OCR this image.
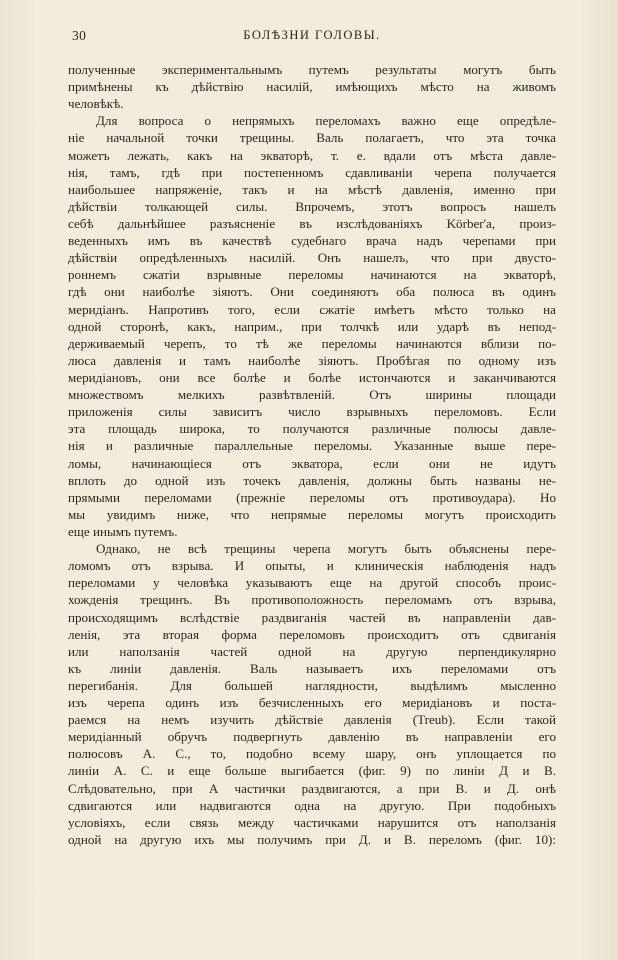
30	БОЛѢЗНИ ГОЛОВЫ.
полученные экспериментальнымъ путемъ результаты могутъ быть
примѣнены къ дѣйствію насилій, имѣющихъ мѣсто на живомъ
человѣкѣ.
Для вопроса о непрямыхъ переломахъ важно еще опредѣле-
ніе начальной точки трещины. Валь полагаетъ, что эта точка
можетъ лежать, какъ на экваторѣ, т. е. вдали отъ мѣста давле-
нія, тамъ, гдѣ при постепенномъ сдавливаніи черепа получается
наибольшее напряженіе, такъ и на мѣстѣ давленія, именно при
дѣйствіи толкающей силы. Впрочемъ, этотъ вопросъ нашелъ
себѣ дальнѣйшее разъясненіе въ изслѣдованіяхъ Körber'a, произ-
веденныхъ имъ въ качествѣ судебнаго врача надъ черепами при
дѣйствіи опредѣленныхъ насилій. Онъ нашелъ, что при двусто-
роннемъ сжатіи взрывные переломы начинаются на экваторѣ,
гдѣ они наиболѣе зіяютъ. Они соединяютъ оба полюса въ одинъ
меридіанъ. Напротивъ того, если сжатіе имѣетъ мѣсто только на
одной сторонѣ, какъ, наприм., при толчкѣ или ударѣ въ непод-
держиваемый черепъ, то тѣ же переломы начинаются вблизи по-
люса давленія и тамъ наиболѣе зіяютъ. Пробѣгая по одному изъ
меридіановъ, они все болѣе и болѣе истончаются и заканчиваются
множествомъ мелкихъ развѣтвленій. Отъ ширины площади
приложенія силы зависитъ число взрывныхъ переломовъ. Если
эта площадь широка, то получаются различные полюсы давле-
нія и различные параллельные переломы. Указанные выше пере-
ломы, начинающіеся отъ экватора, если они не идутъ
вплоть до одной изъ точекъ давленія, должны быть названы не-
прямыми переломами (прежніе переломы отъ противоудара). Но
мы увидимъ ниже, что непрямые переломы могутъ происходить
еще инымъ путемъ.
Однако, не всѣ трещины черепа могутъ быть объяснены пере-
ломомъ отъ взрыва. И опыты, и клиническія наблюденія надъ
переломами у человѣка указываютъ еще на другой способъ проис-
хожденія трещинъ. Въ противоположность переломамъ отъ взрыва,
происходящимъ вслѣдствіе раздвиганія частей въ направленіи дав-
ленія, эта вторая форма переломовъ происходитъ отъ сдвиганія
или наползанія частей одной на другую перпендикулярно
къ линіи давленія. Валь называетъ ихъ переломами отъ
перегибанія. Для большей наглядности, выдѣлимъ мысленно
изъ черепа одинъ изъ безчисленныхъ его меридіановъ и поста-
раемся на немъ изучить дѣйствіе давленія (Treub). Если такой
меридіанный обручъ подвергнуть давленію въ направленіи его
полюсовъ А. С., то, подобно всему шару, онъ уплощается по
линіи А. С. и еще больше выгибается (фиг. 9) по линіи Д и В.
Слѣдовательно, при А частички раздвигаются, а при В. и Д. онѣ
сдвигаются или надвигаются одна на другую. При подобныхъ
условіяхъ, если связь между частичками нарушится отъ наползанія
одной на другую ихъ мы получимъ при Д. и В. переломъ (фиг. 10):
